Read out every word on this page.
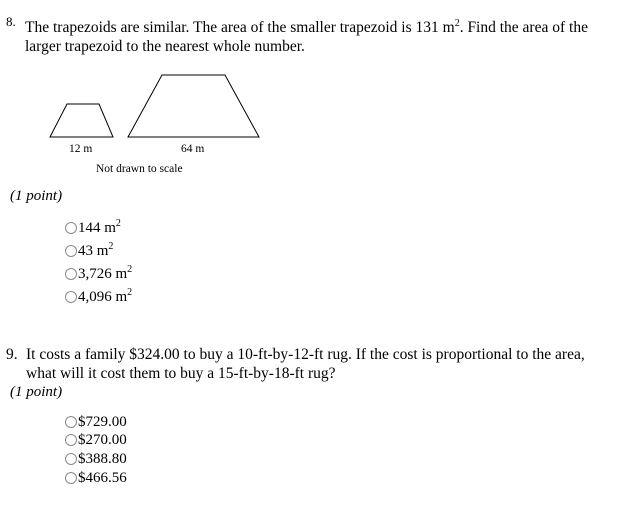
8. The trapezoids are similar. The area of the smaller trapezoid is 131 $m^2$. Find the area of the
larger trapezoid to the nearest whole number.
12 m	64 m
Not drawn to scale
(1 point)
144 $m^2$
43 $m^2$
3,726 $m^2$
4,096 $m^2$
9. It costs a family $324.00 to buy a 10-ft-by-12-ft rug. If the cost is proportional to the area,
what will it cost them to buy a 15-ft-by-18-ft rug?
(1 point)
$729.00
$270.00
$388.80
$466.56
